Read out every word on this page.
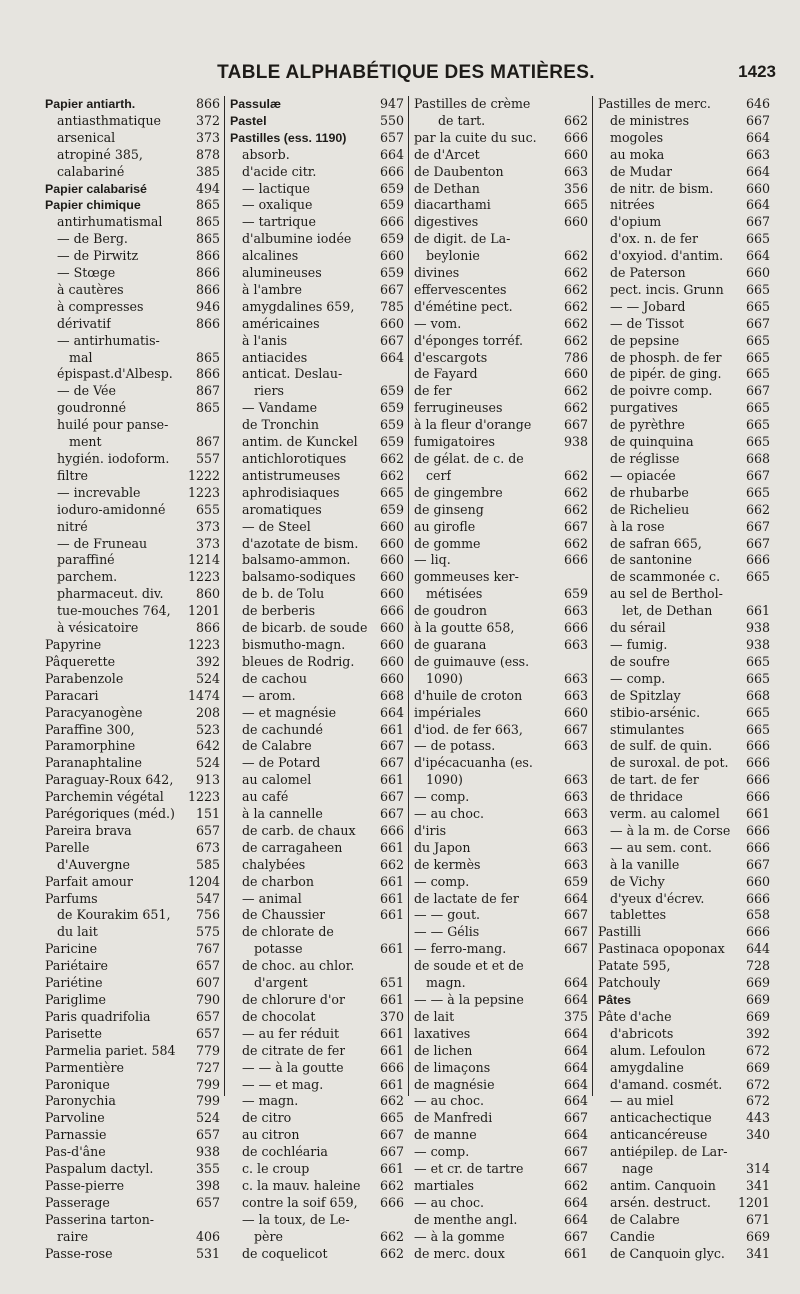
TABLE ALPHABÉTIQUE DES MATIÈRES.	1423
Papier antiarth.	866
antiasthmatique	372
arsenical	373
atropiné 385,	878
calabariné	385
Papier calabarisé	494
Papier chimique	865
antirhumatismal	865
— de Berg.	865
— de Pirwitz	866
— Stœge	866
à cautères	866
à compresses	946
dérivatif	866
— antirhumatis-
mal	865
épispast.d'Albesp. 866
— de Vée	867
goudronné	865
huilé pour panse-
ment	867
hygién. iodoform. 557
filtre	1222
— increvable	1223
ioduro-amidonné 655
nitré	373
— de Fruneau	373
paraffiné	1214
parchem.	1223
pharmaceut. div.	860
tue-mouches 764, 1201
à vésicatoire	866
Papyrine	1223
Pâquerette	392
Parabenzole	524
Paracari	1474
Paracyanogène	208
Paraffine 300,	523
Paramorphine	642
Paranaphtaline	524
Paraguay-Roux 642, 913
Parchemin végétal 1223
Parégoriques (méd.) 151
Pareira brava	657
Parelle	673
d'Auvergne	585
Parfait amour	1204
Parfums	547
de Kourakim 651, 756
du lait	575
Paricine	767
Pariétaire	657
Pariétine	607
Pariglime	790
Paris quadrifolia	657
Parisette	657
Parmelia pariet. 584 779
Parmentière	727
Paronique	799
Paronychia	799
Parvoline	524
Parnassie	657
Pas-d'âne	938
Paspalum dactyl.	355
Passe-pierre	398
Passerage	657
Passerina tarton-
raire	406
Passe-rose	531
Passulæ	947
Pastel	550
Pastilles (ess. 1190)	657
absorb.	664
d'acide citr.	666
— lactique	659
— oxalique	659
— tartrique	666
d'albumine iodée 659
alcalines	660
alumineuses	659
à l'ambre	667
amygdalines 659, 785
américaines	660
à l'anis	667
antiacides	664
anticat. Deslau-
riers	659
— Vandame	659
de Tronchin	659
antim. de Kunckel 659
antichlorotiques	662
antistrumeuses	662
aphrodisiaques	665
aromatiques	659
— de Steel	660
d'azotate de bism. 660
balsamo-ammon. 660
balsamo-sodiques 660
de b. de Tolu	660
de berberis	666
de bicarb. de soude 660
bismutho-magn.	660
bleues de Rodrig. 660
de cachou	660
— arom.	668
— et magnésie	664
de cachundé	661
de Calabre	667
— de Potard	667
au calomel	661
au café	667
à la cannelle	667
de carb. de chaux 666
de carragaheen	661
chalybées	662
de charbon	661
— animal	661
de Chaussier	661
de chlorate de
potasse	661
de choc. au chlor.
d'argent	651
de chlorure d'or	661
de chocolat	370
— au fer réduit	661
de citrate de fer	661
— — à la goutte	666
— — et mag.	661
— magn.	662
de citro	665
au citron	667
de cochléaria	667
c. le croup	661
c. la mauv. haleine 662
contre la soif 659, 666
— la toux, de Le-
père	662
de coquelicot	662
Pastilles de crème
de tart.	662
par la cuite du suc. 666
de d'Arcet	660
de Daubenton	663
de Dethan	356
diacarthami	665
digestives	660
de digit. de La-
beylonie	662
divines	662
effervescentes	662
d'émétine pect.	662
— vom.	662
d'éponges torréf.	662
d'escargots	786
de Fayard	660
de fer	662
ferrugineuses	662
à la fleur d'orange	667
fumigatoires	938
de gélat. de c. de
cerf	662
de gingembre	662
de ginseng	662
au girofle	667
de gomme	662
— liq.	666
gommeuses ker-
métisées	659
de goudron	663
à la goutte 658,	666
de guarana	663
de guimauve (ess.
1090)	663
d'huile de croton	663
impériales	660
d'iod. de fer 663,	667
— de potass.	663
d'ipécacuanha (es.
1090)	663
— comp.	663
— au choc.	663
d'iris	663
du Japon	663
de kermès	663
— comp.	659
de lactate de fer	664
— — gout.	667
— — Gélis	667
— ferro-mang.	667
de soude et et de
magn.	664
— — à la pepsine	664
de lait	375
laxatives	664
de lichen	664
de limaçons	664
de magnésie	664
— au choc.	664
de Manfredi	667
de manne	664
— comp.	667
— et cr. de tartre	667
martiales	662
— au choc.	664
de menthe angl.	664
— à la gomme	667
de merc. doux	661
Pastilles de merc.	646
de ministres	667
mogoles	664
au moka	663
de Mudar	664
de nitr. de bism.	660
nitrées	664
d'opium	667
d'ox. n. de fer	665
d'oxyiod. d'antim. 664
de Paterson	660
pect. incis. Grunn 665
— — Jobard	665
— de Tissot	667
de pepsine	665
de phosph. de fer 665
de pipér. de ging. 665
de poivre comp.	667
purgatives	665
de pyrèthre	665
de quinquina	665
de réglisse	668
— opiacée	667
de rhubarbe	665
de Richelieu	662
à la rose	667
de safran 665,	667
de santonine	666
de scammonée c. 665
au sel de Berthol-
let, de Dethan	661
du sérail	938
— fumig.	938
de soufre	665
— comp.	665
de Spitzlay	668
stibio-arsénic.	665
stimulantes	665
de sulf. de quin.	666
de suroxal. de pot. 666
de tart. de fer	666
de thridace	666
verm. au calomel 661
— à la m. de Corse 666
— au sem. cont.	666
à la vanille	667
de Vichy	660
d'yeux d'écrev.	666
tablettes	658
Pastilli	666
Pastinaca opoponax 644
Patate 595,	728
Patchouly	669
Pâtes	669
Pâte d'ache	669
d'abricots	392
alum. Lefoulon	672
amygdaline	669
d'amand. cosmét. 672
— au miel	672
anticachectique	443
anticancéreuse	340
antiépilep. de Lar-
nage	314
antim. Canquoin 341
arsén. destruct. 1201
de Calabre	671
Candie	669
de Canquoin glyc. 341
